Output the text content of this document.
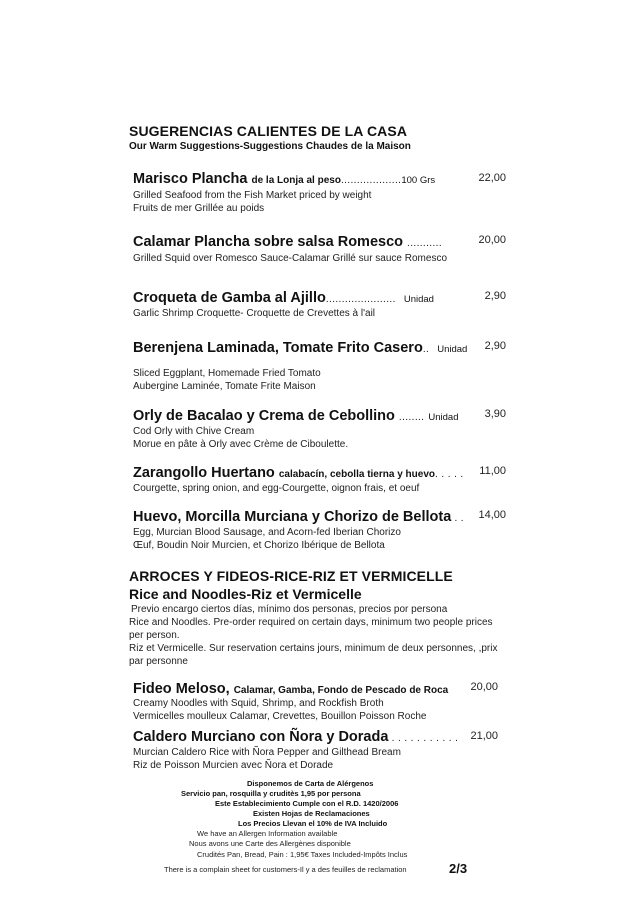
SUGERENCIAS CALIENTES DE LA CASA
Our Warm Suggestions-Suggestions Chaudes de la Maison
Marisco Plancha de la Lonja al peso...................100 Grs	22,00
Grilled Seafood from the Fish Market priced by weight
Fruits de mer Grillée au poids
Calamar Plancha sobre salsa Romesco ...........	20,00
Grilled Squid over Romesco Sauce-Calamar Grillé sur sauce Romesco
Croqueta de Gamba al Ajillo...................... Unidad	2,90
Garlic Shrimp Croquette- Croquette de Crevettes à l'ail
Berenjena Laminada, Tomate Frito Casero.. Unidad	2,90
Sliced Eggplant, Homemade Fried Tomato
Aubergine Laminée, Tomate Frite Maison
Orly de Bacalao y Crema de Cebollino ........ Unidad	3,90
Cod Orly with Chive Cream
Morue en pâte à Orly avec Crème de Ciboulette.
Zarangollo Huertano calabacín, cebolla tierna y huevo. . . . .	11,00
Courgette, spring onion, and egg-Courgette, oignon frais, et oeuf
Huevo, Morcilla Murciana y Chorizo de Bellota . .	14,00
Egg, Murcian Blood Sausage, and Acorn-fed Iberian Chorizo
Œuf, Boudin Noir Murcien, et Chorizo Ibérique de Bellota
ARROCES Y FIDEOS-RICE-RIZ ET VERMICELLE
Rice and Noodles-Riz et Vermicelle
Previo encargo ciertos días, mínimo dos personas, precios por persona
Rice and Noodles. Pre-order required on certain days, minimum two people prices per person.
Riz et Vermicelle. Sur reservation certains jours, minimum de deux personnes, ,prix par personne
Fideo Meloso, Calamar, Gamba, Fondo de Pescado de Roca	20,00
Creamy Noodles with Squid, Shrimp, and Rockfish Broth
Vermicelles moulleux Calamar, Crevettes, Bouillon Poisson Roche
Caldero Murciano con Ñora y Dorada . . . . . . . . . . .	21,00
Murcian Caldero Rice with Ñora Pepper and Gilthead Bream
Riz de Poisson Murcien avec Ñora et Dorade
Disponemos de Carta de Alérgenos
Servicio pan, rosquilla y cruditès 1,95 por persona
Este Establecimiento Cumple con el R.D. 1420/2006
Existen Hojas de Reclamaciones
Los Precios Llevan el 10% de IVA Incluido
We have an Allergen Information available
Nous avons une Carte des Allergènes disponible
Crudités Pan, Bread, Pain : 1,95€ Taxes Included-Impôts Inclus
There is a complain sheet for customers-Il y a des feuilles de reclamation	2/3
